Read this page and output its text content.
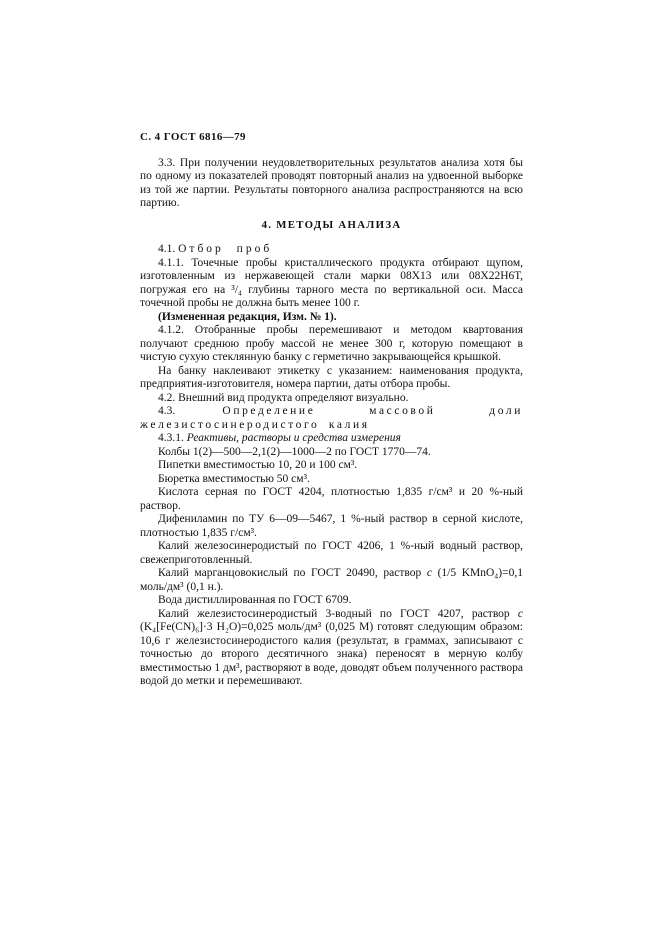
С. 4 ГОСТ 6816—79

3.3. При получении неудовлетворительных результатов анализа хотя бы по одному из показателей проводят повторный анализ на удвоенной выборке из той же партии. Результаты повторного анализа распространяются на всю партию.

4. МЕТОДЫ АНАЛИЗА

4.1. Отбор проб

4.1.1. Точечные пробы кристаллического продукта отбирают щупом, изготовленным из нержавеющей стали марки 08Х13 или 08Х22Н6Т, погружая его на ³/₄ глубины тарного места по вертикальной оси. Масса точечной пробы не должна быть менее 100 г.

(Измененная редакция, Изм. № 1).

4.1.2. Отобранные пробы перемешивают и методом квартования получают среднюю пробу массой не менее 300 г, которую помещают в чистую сухую стеклянную банку с герметично закрывающейся крышкой.

На банку наклеивают этикетку с указанием: наименования продукта, предприятия-изготовителя, номера партии, даты отбора пробы.

4.2. Внешний вид продукта определяют визуально.

4.3.	Определение массовой доли железистосинеродистого калия

4.3.1. Реактивы, растворы и средства измерения

Колбы 1(2)—500—2,1(2)—1000—2 по ГОСТ 1770—74.

Пипетки вместимостью 10, 20 и 100 см³.

Бюретка вместимостью 50 см³.

Кислота серная по ГОСТ 4204, плотностью 1,835 г/см³ и 20 %-ный раствор.

Дифениламин по ТУ 6—09—5467, 1 %-ный раствор в серной кислоте, плотностью 1,835 г/см³.

Калий железосинеродистый по ГОСТ 4206, 1 %-ный водный раствор, свежеприготовленный.

Калий марганцовокислый по ГОСТ 20490, раствор с (1/5 KMnO₄)=0,1 моль/дм³ (0,1 н.).

Вода дистиллированная по ГОСТ 6709.

Калий железистосинеродистый 3-водный по ГОСТ 4207, раствор с (K₄[Fe(CN)₆]·3 H₂O)=0,025 моль/дм³ (0,025 М) готовят следующим образом: 10,6 г железистосинеродистого калия (результат, в граммах, записывают с точностью до второго десятичного знака) переносят в мерную колбу вместимостью 1 дм³, растворяют в воде, доводят объем полученного раствора водой до метки и перемешивают.
